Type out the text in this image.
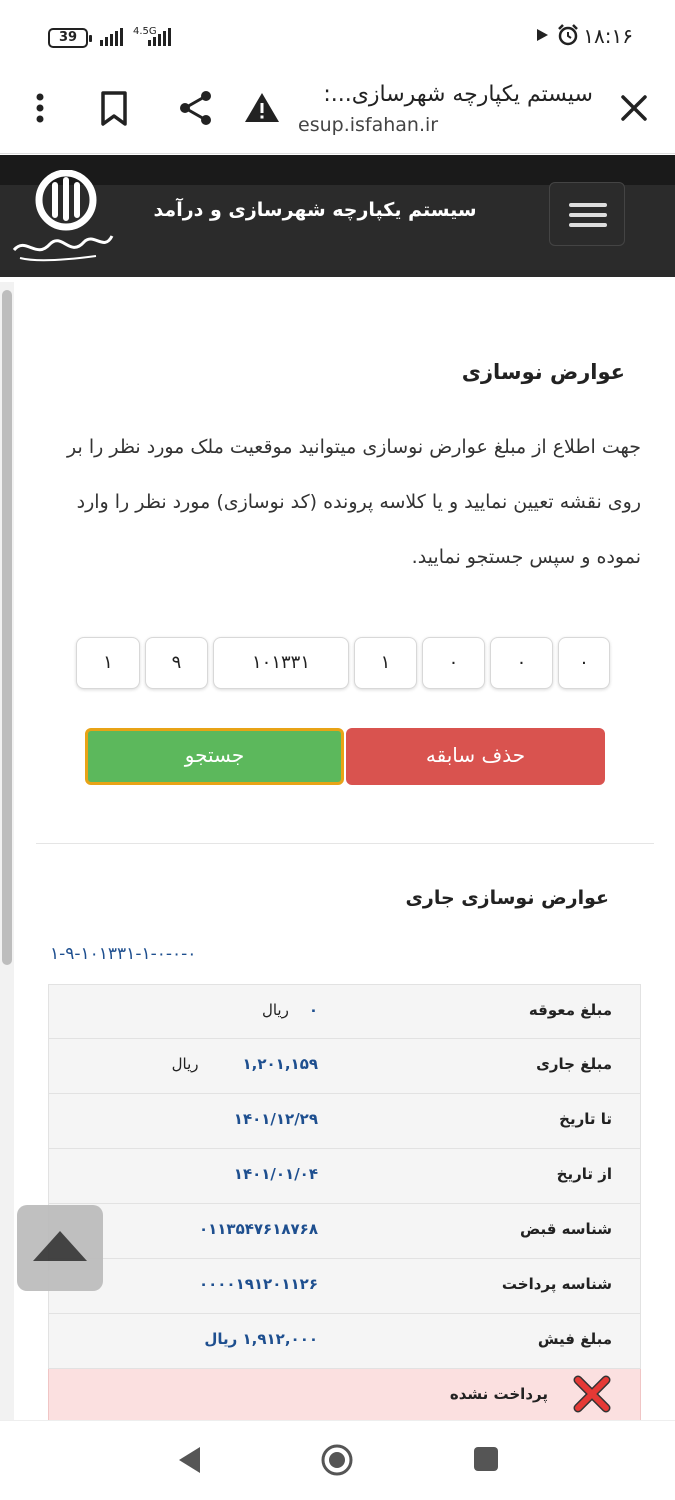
39	4.5G	۱۸:۱۶
سیستم یکپارچه شهرسازی...:
esup.isfahan.ir
سیستم یکپارچه شهرسازی و درآمد
عوارض نوسازی
جهت اطلاع از مبلغ عوارض نوسازی میتوانید موقعیت ملک مورد نظر را بر روی نقشه تعیین نمایید و یا کلاسه پرونده (کد نوسازی) مورد نظر را وارد نموده و سپس جستجو نمایید.
۱	۹	۱۰۱۳۳۱	۱	۰	۰	۰
حذف سابقه
جستجو
عوارض نوسازی جاری
۱-۹-۱۰۱۳۳۱-۱-۰-۰-۰
مبلغ معوقه
۰ریال
مبلغ جاری
۱,۲۰۱,۱۵۹ریال
تا تاریخ
۱۴۰۱/۱۲/۲۹
از تاریخ
۱۴۰۱/۰۱/۰۴
شناسه قبض
۰۱۱۳۵۴۷۶۱۸۷۶۸
شناسه پرداخت
۰۰۰۰۱۹۱۲۰۱۱۲۶
مبلغ فیش
۱,۹۱۲,۰۰۰ ریال
پرداخت نشده
